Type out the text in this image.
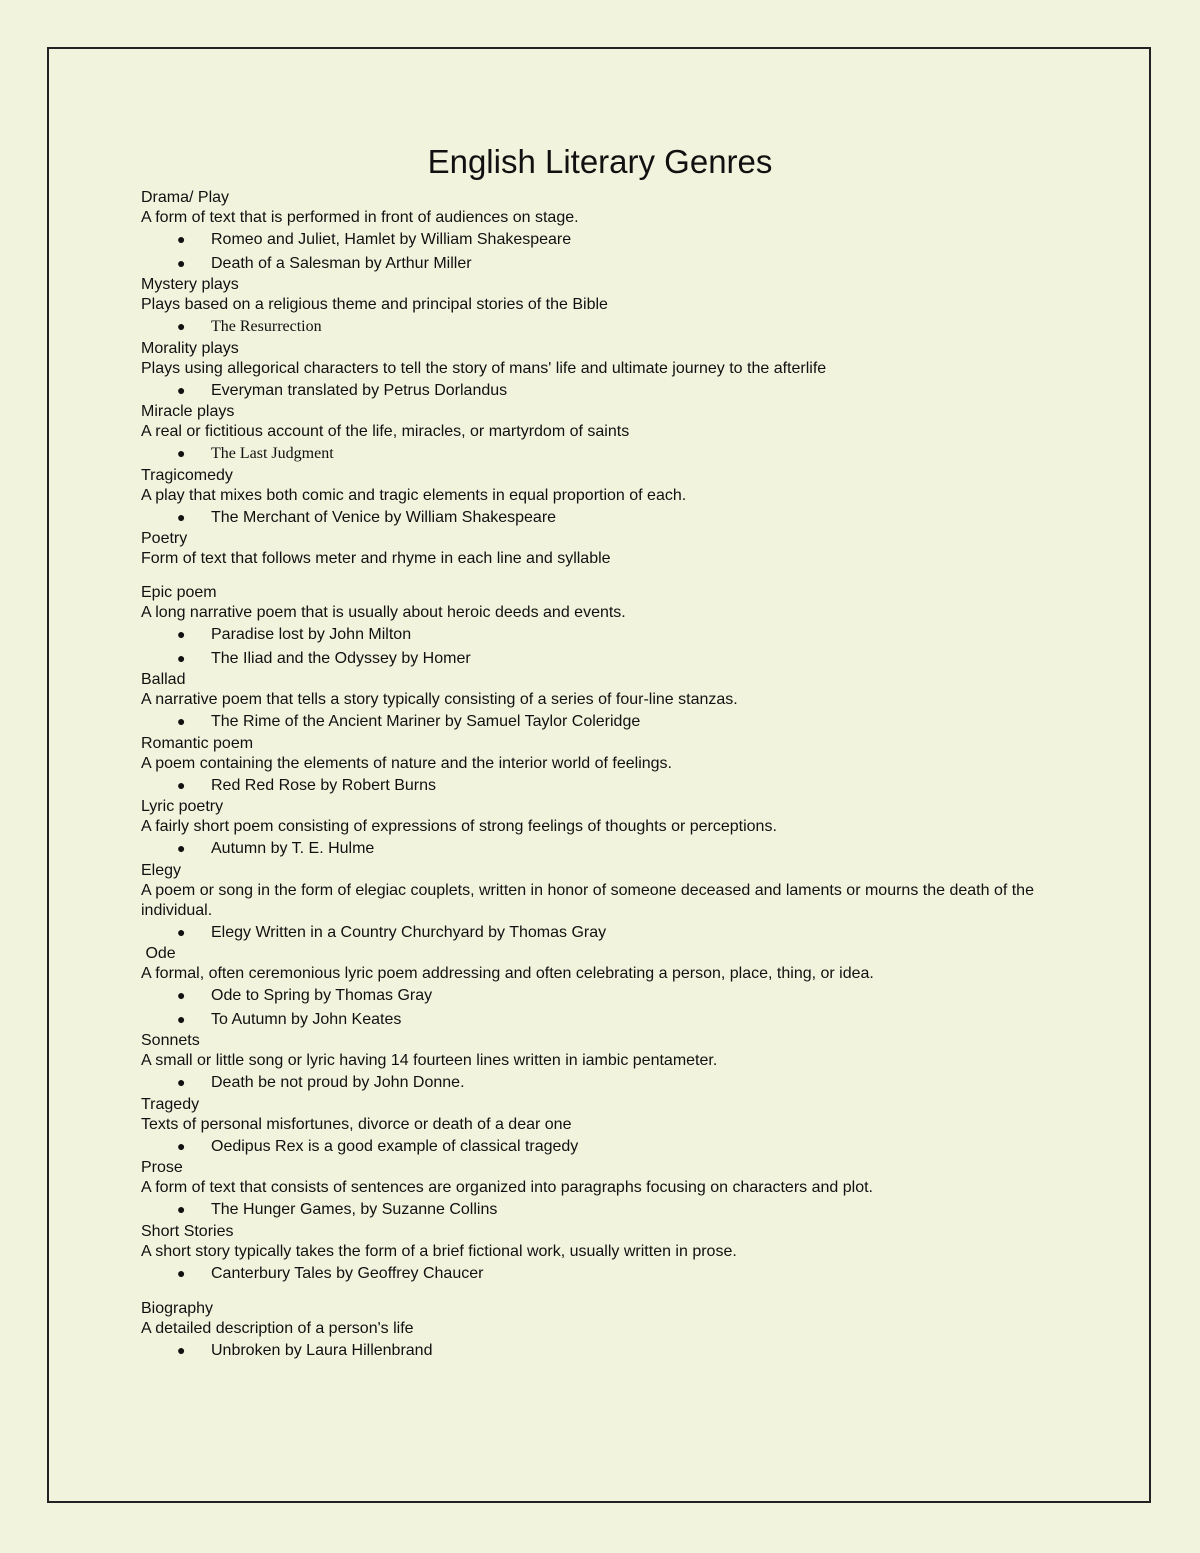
English Literary Genres

Drama/ Play

A form of text that is performed in front of audiences on stage.

● Romeo and Juliet, Hamlet by William Shakespeare
● Death of a Salesman by Arthur Miller

Mystery plays

Plays based on a religious theme and principal stories of the Bible

● The Resurrection

Morality plays

Plays using allegorical characters to tell the story of mans' life and ultimate journey to the afterlife

● Everyman translated by Petrus Dorlandus

Miracle plays

A real or fictitious account of the life, miracles, or martyrdom of saints

● The Last Judgment

Tragicomedy

A play that mixes both comic and tragic elements in equal proportion of each.

● The Merchant of Venice by William Shakespeare

Poetry

Form of text that follows meter and rhyme in each line and syllable

Epic poem

A long narrative poem that is usually about heroic deeds and events.

● Paradise lost by John Milton
● The Iliad and the Odyssey by Homer

Ballad

A narrative poem that tells a story typically consisting of a series of four-line stanzas.

● The Rime of the Ancient Mariner by Samuel Taylor Coleridge

Romantic poem

A poem containing the elements of nature and the interior world of feelings.

● Red Red Rose by Robert Burns

Lyric poetry

A fairly short poem consisting of expressions of strong feelings of thoughts or perceptions.

● Autumn by T. E. Hulme

Elegy

A poem or song in the form of elegiac couplets, written in honor of someone deceased and laments or mourns the death of the individual.

● Elegy Written in a Country Churchyard by Thomas Gray

Ode

A formal, often ceremonious lyric poem addressing and often celebrating a person, place, thing, or idea.

● Ode to Spring by Thomas Gray
● To Autumn by John Keates

Sonnets

A small or little song or lyric having 14 fourteen lines written in iambic pentameter.

● Death be not proud by John Donne.

Tragedy

Texts of personal misfortunes, divorce or death of a dear one

● Oedipus Rex is a good example of classical tragedy

Prose

A form of text that consists of sentences are organized into paragraphs focusing on characters and plot.

● The Hunger Games, by Suzanne Collins

Short Stories

A short story typically takes the form of a brief fictional work, usually written in prose.

● Canterbury Tales by Geoffrey Chaucer

Biography

A detailed description of a person's life

● Unbroken by Laura Hillenbrand
